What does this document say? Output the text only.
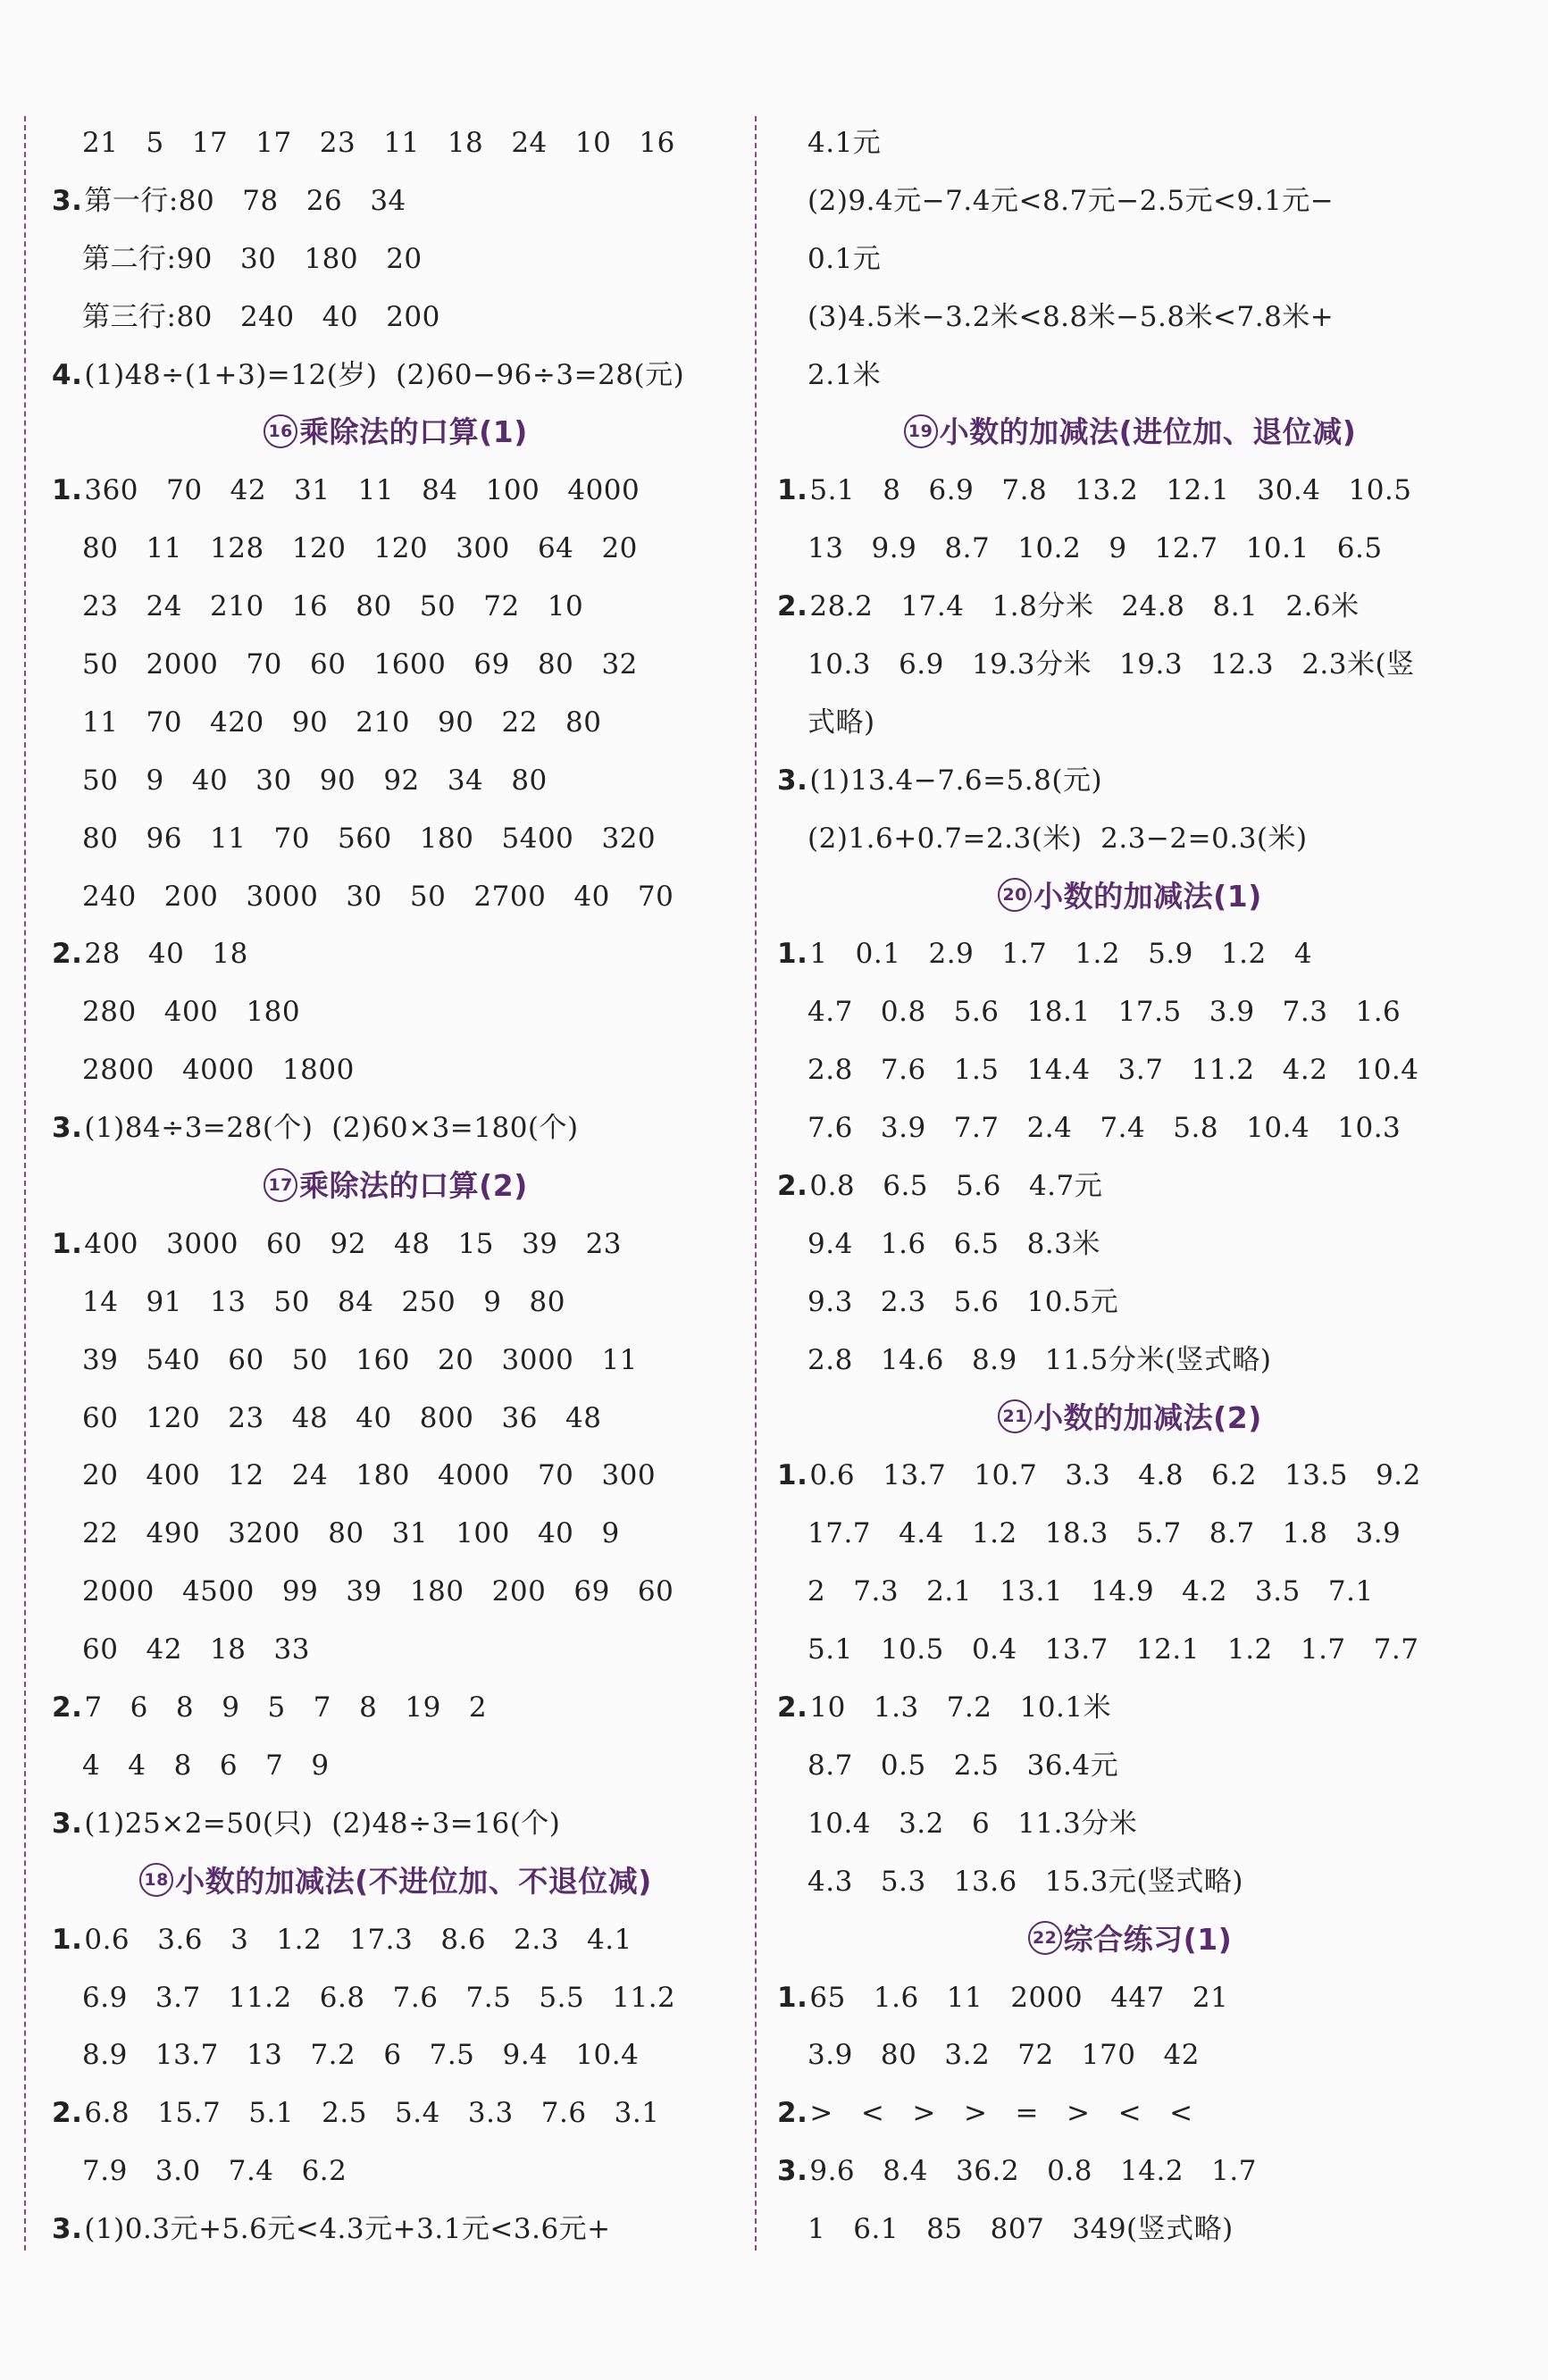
21   5   17   17   23   11   18   24   10   16
3.第一行:80   78   26   34
第二行:90   30   180   20
第三行:80   240   40   200
4.(1)48÷(1+3)=12(岁)  (2)60−96÷3=28(元)
16 乘除法的口算(1)
1.360   70   42   31   11   84   100   4000
80   11   128   120   120   300   64   20
23   24   210   16   80   50   72   10
50   2000   70   60   1600   69   80   32
11   70   420   90   210   90   22   80
50   9   40   30   90   92   34   80
80   96   11   70   560   180   5400   320
240   200   3000   30   50   2700   40   70
2.28   40   18
280   400   180
2800   4000   1800
3.(1)84÷3=28(个)  (2)60×3=180(个)
17 乘除法的口算(2)
1.400   3000   60   92   48   15   39   23
14   91   13   50   84   250   9   80
39   540   60   50   160   20   3000   11
60   120   23   48   40   800   36   48
20   400   12   24   180   4000   70   300
22   490   3200   80   31   100   40   9
2000   4500   99   39   180   200   69   60
60   42   18   33
2.7   6   8   9   5   7   8   19   2
4   4   8   6   7   9
3.(1)25×2=50(只)  (2)48÷3=16(个)
18 小数的加减法(不进位加、不退位减)
1.0.6   3.6   3   1.2   17.3   8.6   2.3   4.1
6.9   3.7   11.2   6.8   7.6   7.5   5.5   11.2
8.9   13.7   13   7.2   6   7.5   9.4   10.4
2.6.8   15.7   5.1   2.5   5.4   3.3   7.6   3.1
7.9   3.0   7.4   6.2
3.(1)0.3元+5.6元<4.3元+3.1元<3.6元+
4.1元
(2)9.4元−7.4元<8.7元−2.5元<9.1元−
0.1元
(3)4.5米−3.2米<8.8米−5.8米<7.8米+
2.1米
19 小数的加减法(进位加、退位减)
1.5.1   8   6.9   7.8   13.2   12.1   30.4   10.5
13   9.9   8.7   10.2   9   12.7   10.1   6.5
2.28.2   17.4   1.8分米   24.8   8.1   2.6米
10.3   6.9   19.3分米   19.3   12.3   2.3米(竖
式略)
3.(1)13.4−7.6=5.8(元)
(2)1.6+0.7=2.3(米)  2.3−2=0.3(米)
20 小数的加减法(1)
1.1   0.1   2.9   1.7   1.2   5.9   1.2   4
4.7   0.8   5.6   18.1   17.5   3.9   7.3   1.6
2.8   7.6   1.5   14.4   3.7   11.2   4.2   10.4
7.6   3.9   7.7   2.4   7.4   5.8   10.4   10.3
2.0.8   6.5   5.6   4.7元
9.4   1.6   6.5   8.3米
9.3   2.3   5.6   10.5元
2.8   14.6   8.9   11.5分米(竖式略)
21 小数的加减法(2)
1.0.6   13.7   10.7   3.3   4.8   6.2   13.5   9.2
17.7   4.4   1.2   18.3   5.7   8.7   1.8   3.9
2   7.3   2.1   13.1   14.9   4.2   3.5   7.1
5.1   10.5   0.4   13.7   12.1   1.2   1.7   7.7
2.10   1.3   7.2   10.1米
8.7   0.5   2.5   36.4元
10.4   3.2   6   11.3分米
4.3   5.3   13.6   15.3元(竖式略)
22 综合练习(1)
1.65   1.6   11   2000   447   21
3.9   80   3.2   72   170   42
2.>   <   >   >   =   >   <   <
3.9.6   8.4   36.2   0.8   14.2   1.7
1   6.1   85   807   349(竖式略)
